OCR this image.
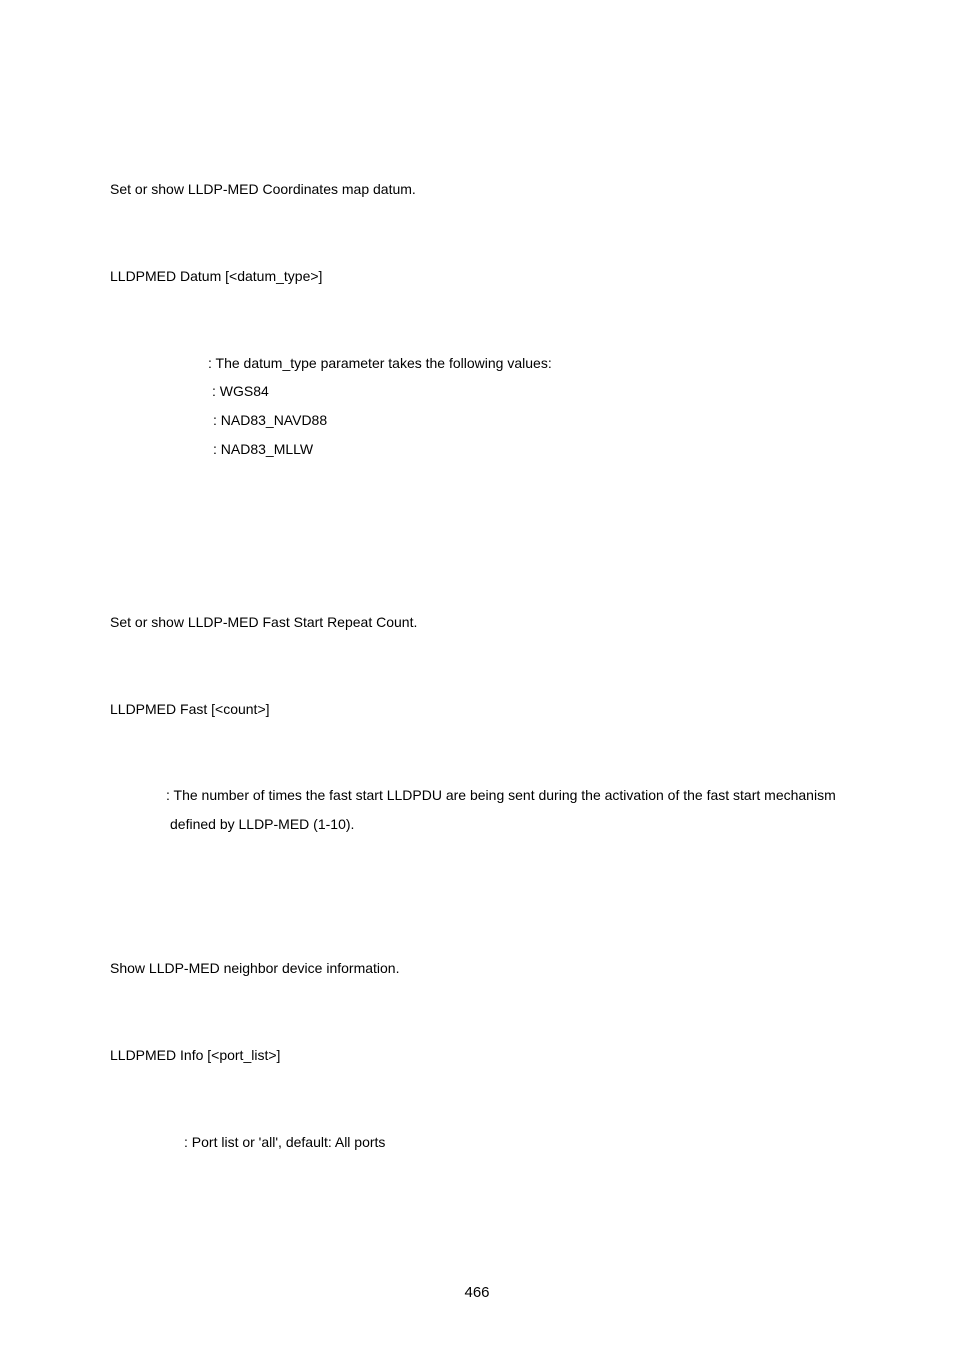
Set or show LLDP-MED Coordinates map datum.
LLDPMED Datum [<datum_type>]
: The datum_type parameter takes the following values:
: WGS84
: NAD83_NAVD88
: NAD83_MLLW
Set or show LLDP-MED Fast Start Repeat Count.
LLDPMED Fast [<count>]
: The number of times the fast start LLDPDU are being sent during the activation of the fast start mechanism
defined by LLDP-MED (1-10).
Show LLDP-MED neighbor device information.
LLDPMED Info [<port_list>]
: Port list or 'all', default: All ports
466
